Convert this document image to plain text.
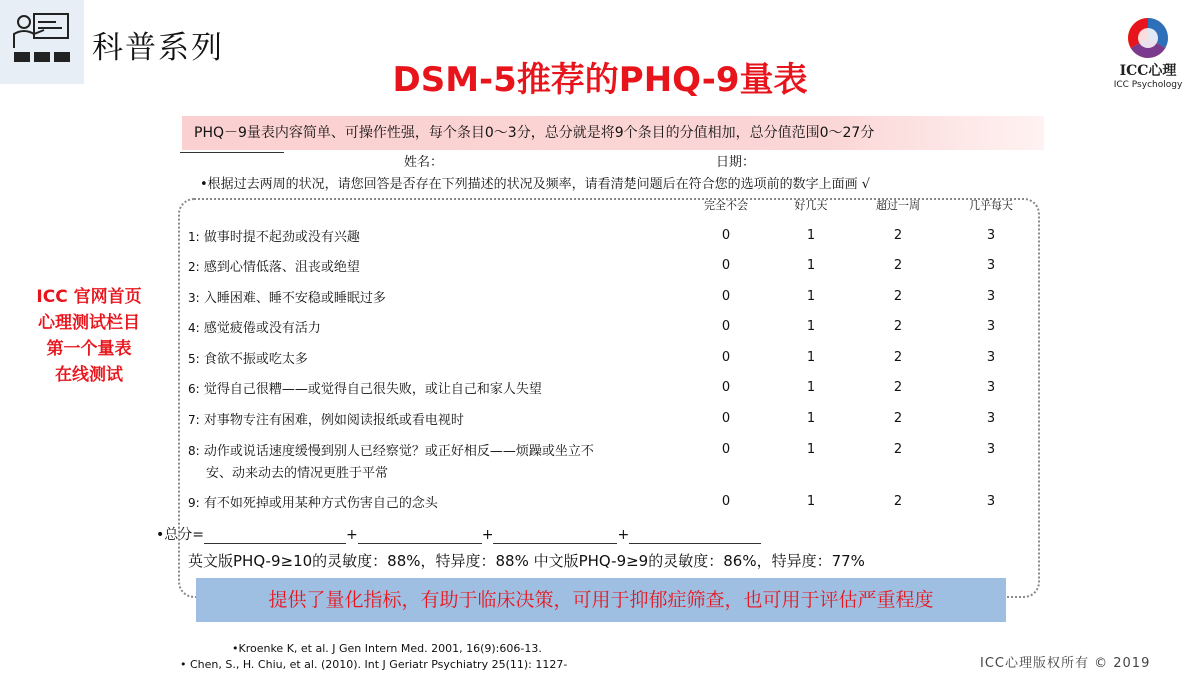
科普系列
DSM-5推荐的PHQ-9量表	ICC心理
ICC Psychology
PHQ－9量表内容简单、可操作性强，每个条目0～3分，总分就是将9个条目的分值相加，总分值范围0～27分
姓名：	日期：
•根据过去两周的状况，请您回答是否存在下列描述的状况及频率，请看清楚问题后在符合您的选项前的数字上面画 √
完全不会	好几天	超过一周	几乎每天
1: 做事时提不起劲或没有兴趣	0	1	2	3
2: 感到心情低落、沮丧或绝望	0	1	2	3
3: 入睡困难、睡不安稳或睡眠过多	0	1	2	3
4: 感觉疲倦或没有活力	0	1	2	3
5: 食欲不振或吃太多	0	1	2	3
6: 觉得自己很糟——或觉得自己很失败，或让自己和家人失望	0	1	2	3
7: 对事物专注有困难，例如阅读报纸或看电视时	0	1	2	3
8: 动作或说话速度缓慢到别人已经察觉？或正好相反——烦躁或坐立不
安、动来动去的情况更胜于平常
0	1	2	3
9: 有不如死掉或用某种方式伤害自己的念头	0	1	2	3
•总分=	+	+	+
英文版PHQ-9≥10的灵敏度：88%，特异度：88% 中文版PHQ-9≥9的灵敏度：86%，特异度：77%
提供了量化指标，有助于临床决策，可用于抑郁症筛查，也可用于评估严重程度
ICC 官网首页
心理测试栏目
第一个量表
在线测试
•Kroenke K, et al. J Gen Intern Med. 2001, 16(9):606-13.
• Chen, S., H. Chiu, et al. (2010). Int J Geriatr Psychiatry 25(11): 1127-	ICC心理版权所有 © 2019
